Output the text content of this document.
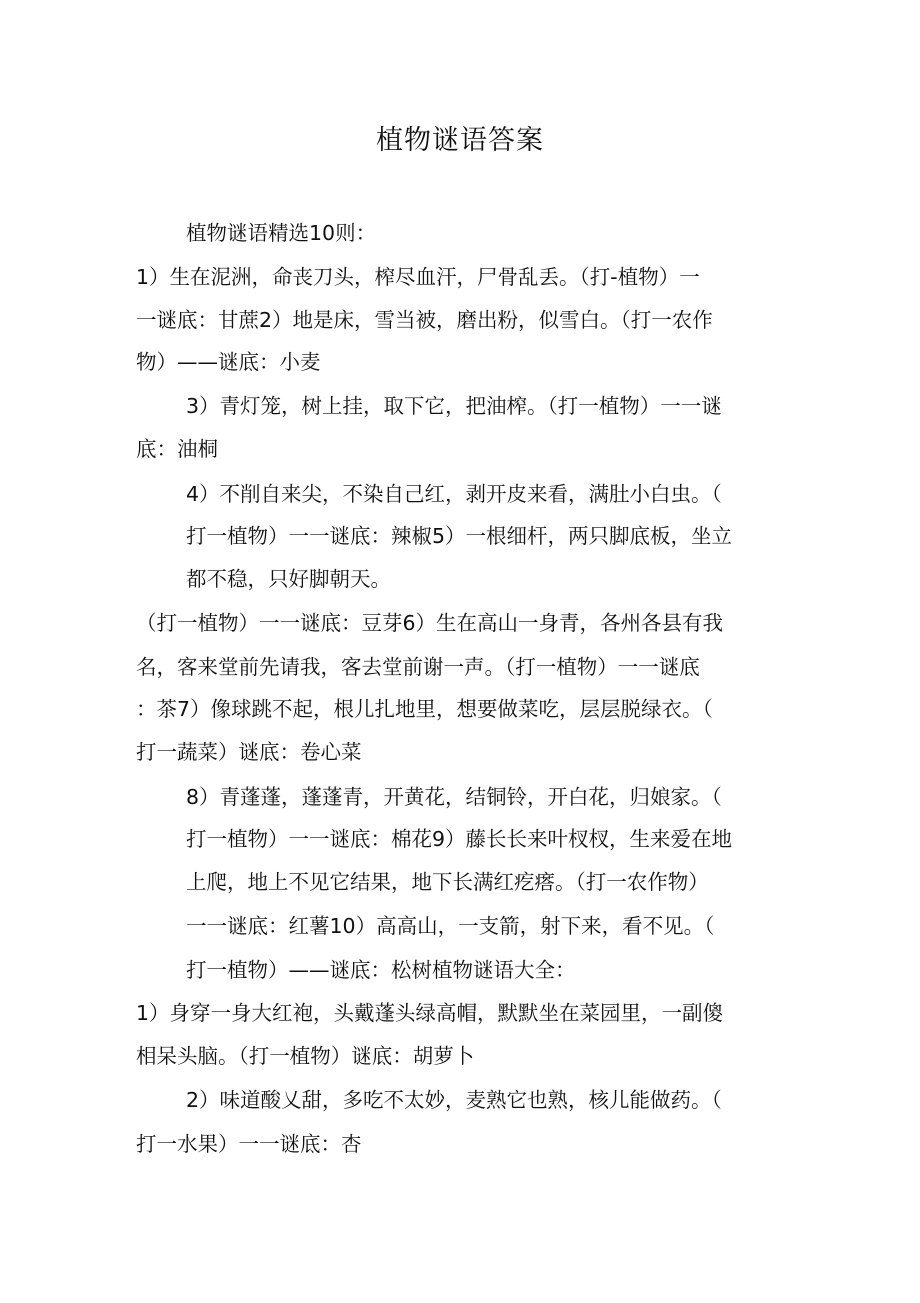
植物谜语答案
植物谜语精选10则：
1）生在泥洲，命丧刀头，榨尽血汗，尸骨乱丢。（打-植物）一
一谜底：甘蔗2）地是床，雪当被，磨出粉，似雪白。（打一农作
物）——谜底：小麦
3）青灯笼，树上挂，取下它，把油榨。（打一植物）一一谜
底：油桐
4）不削自来尖，不染自己红，剥开皮来看，满肚小白虫。（
打一植物）一一谜底：辣椒5）一根细杆，两只脚底板，坐立
都不稳，只好脚朝天。
（打一植物）一一谜底：豆芽6）生在高山一身青，各州各县有我
名，客来堂前先请我，客去堂前谢一声。（打一植物）一一谜底
：茶7）像球跳不起，根儿扎地里，想要做菜吃，层层脱绿衣。（
打一蔬菜）谜底：卷心菜
8）青蓬蓬，蓬蓬青，开黄花，结铜铃，开白花，归娘家。（
打一植物）一一谜底：棉花9）藤长长来叶杈杈，生来爱在地
上爬，地上不见它结果，地下长满红疙瘩。（打一农作物）
一一谜底：红薯10）高高山，一支箭，射下来，看不见。（
打一植物）——谜底：松树植物谜语大全：
1）身穿一身大红袍，头戴蓬头绿高帽，默默坐在菜园里，一副傻
相呆头脑。（打一植物）谜底：胡萝卜
2）味道酸乂甜，多吃不太妙，麦熟它也熟，核儿能做药。（
打一水果）一一谜底：杏
